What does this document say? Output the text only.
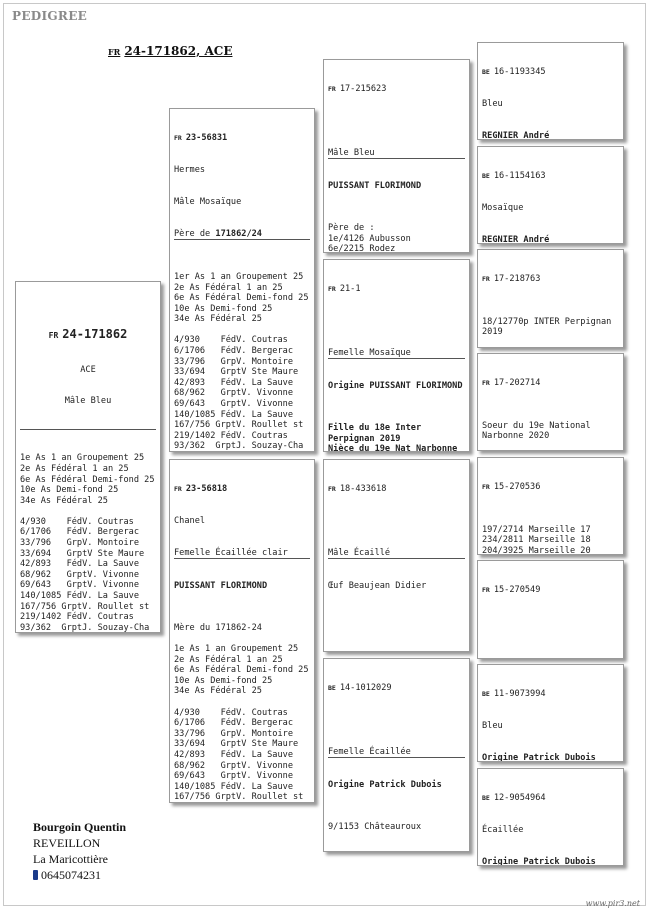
PEDIGREE
FR 24-171862, ACE

FR 24-171862

ACE

Mâle Bleu

1e As 1 an Groupement 25
2e As Fédéral 1 an 25
6e As Fédéral Demi-fond 25
10e As Demi-fond 25
34e As Fédéral 25

4/930    FédV. Coutras
6/1706   FédV. Bergerac
33/796   GrpV. Montoire
33/694   GrptV Ste Maure
42/893   FédV. La Sauve
68/962   GrptV. Vivonne
69/643   GrptV. Vivonne
140/1085 FédV. La Sauve
167/756 GrptV. Roullet st
219/1402 FédV. Coutras
93/362  GrptJ. Souzay-Cha

FR 23-56831

Hermes

Mâle Mosaïque

Père de 171862/24

1er As 1 an Groupement 25
2e As Fédéral 1 an 25
6e As Fédéral Demi-fond 25
10e As Demi-fond 25
34e As Fédéral 25

4/930    FédV. Coutras
6/1706   FédV. Bergerac
33/796   GrpV. Montoire
33/694   GrptV Ste Maure
42/893   FédV. La Sauve
68/962   GrptV. Vivonne
69/643   GrptV. Vivonne
140/1085 FédV. La Sauve
167/756 GrptV. Roullet st
219/1402 FédV. Coutras
93/362  GrptJ. Souzay-Cha

FR 23-56818

Chanel

Femelle Écaillée clair

PUISSANT FLORIMOND

Mère du 171862-24

1e As 1 an Groupement 25
2e As Fédéral 1 an 25
6e As Fédéral Demi-fond 25
10e As Demi-fond 25
34e As Fédéral 25

4/930    FédV. Coutras
6/1706   FédV. Bergerac
33/796   GrpV. Montoire
33/694   GrptV Ste Maure
42/893   FédV. La Sauve
68/962   GrptV. Vivonne
69/643   GrptV. Vivonne
140/1085 FédV. La Sauve
167/756 GrptV. Roullet st

FR 17-215623

Mâle Bleu

PUISSANT FLORIMOND

Père de :
1e/4126 Aubusson
6e/2215 Rodez

FR 21-1

Femelle Mosaïque

Origine PUISSANT FLORIMOND

Fille du 18e Inter
Perpignan 2019
Nièce du 19e Nat Narbonne

FR 18-433618

Mâle Écaillé

Œuf Beaujean Didier

BE 14-1012029

Femelle Écaillée

Origine Patrick Dubois

9/1153 Châteauroux

BE 16-1193345

Bleu

REGNIER André

BE 16-1154163

Mosaïque

REGNIER André

FR 17-218763

18/12770p INTER Perpignan
2019

FR 17-202714

Soeur du 19e National
Narbonne 2020

FR 15-270536

197/2714 Marseille 17
234/2811 Marseille 18
204/3925 Marseille 20

FR 15-270549

BE 11-9073994

Bleu

Origine Patrick Dubois

BE 12-9054964

Écaillée

Origine Patrick Dubois

Bourgoin Quentin
REVEILLON
La Maricottière
0645074231
www.pir3.net
